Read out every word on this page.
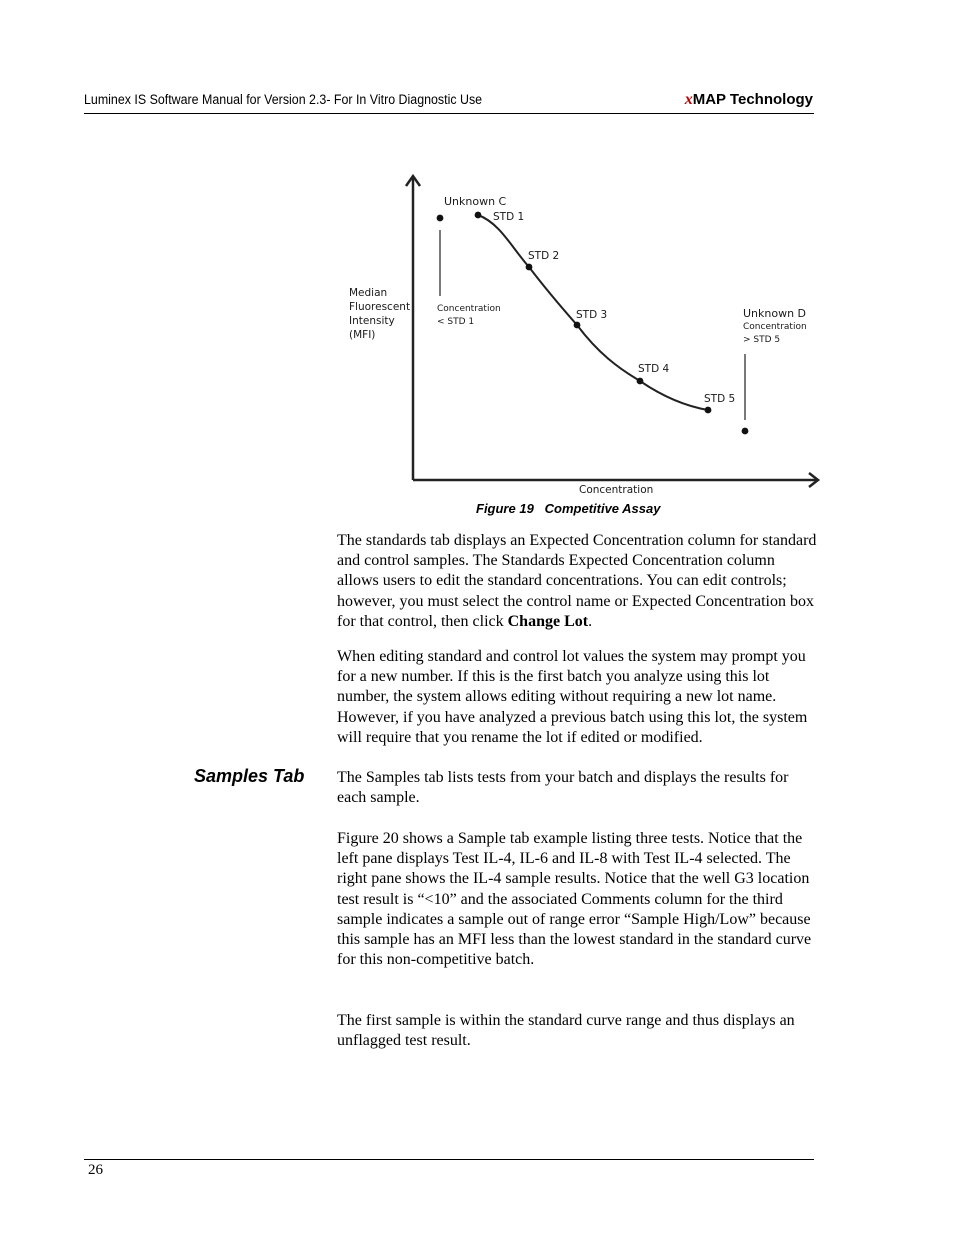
Luminex IS Software Manual for Version 2.3- For In Vitro Diagnostic Use	xMAP Technology
Median Fluorescent Intensity (MFI)
Concentration
STD 1
STD 2
STD 3
STD 4
STD 5
Unknown C
Concentration < STD 1
Unknown D
Concentration > STD 5
Figure 19   Competitive Assay

The standards tab displays an Expected Concentration column for standard and control samples. The Standards Expected Concentration column allows users to edit the standard concentrations. You can edit controls; however, you must select the control name or Expected Concentration box for that control, then click Change Lot.

When editing standard and control lot values the system may prompt you for a new number. If this is the first batch you analyze using this lot number, the system allows editing without requiring a new lot name. However, if you have analyzed a previous batch using this lot, the system will require that you rename the lot if edited or modified.

Samples Tab The Samples tab lists tests from your batch and displays the results for each sample.

Figure 20 shows a Sample tab example listing three tests. Notice that the left pane displays Test IL-4, IL-6 and IL-8 with Test IL-4 selected. The right pane shows the IL-4 sample results. Notice that the well G3 location test result is “<10” and the associated Comments column for the third sample indicates a sample out of range error “Sample High/Low” because this sample has an MFI less than the lowest standard in the standard curve for this non-competitive batch.

The first sample is within the standard curve range and thus displays an unflagged test result.

26
